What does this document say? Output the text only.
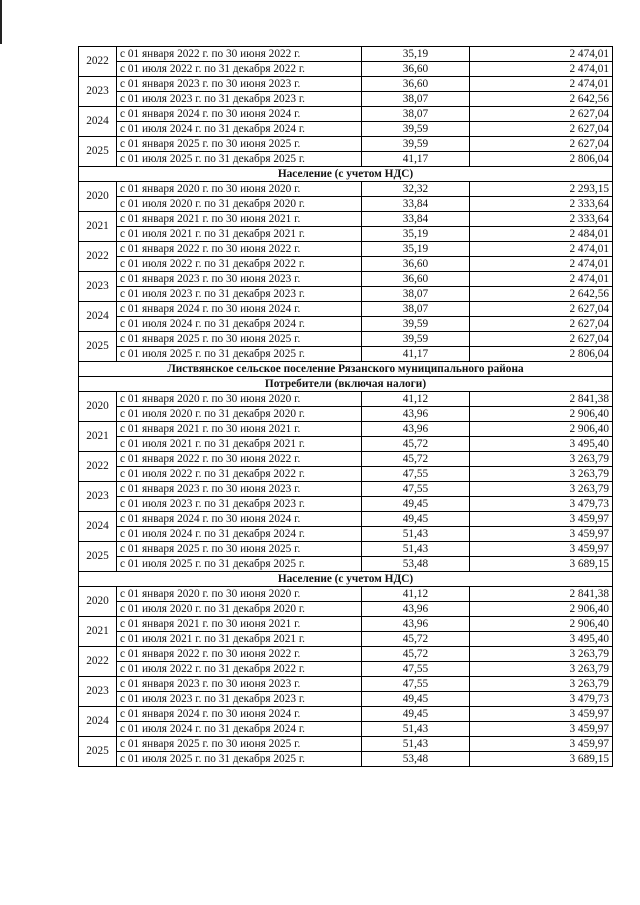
2022	с 01 января 2022 г. по 30 июня 2022 г.	35,19	2 474,01
	с 01 июля 2022 г. по 31 декабря 2022 г.	36,60	2 474,01
2023	с 01 января 2023 г. по 30 июня 2023 г.	36,60	2 474,01
	с 01 июля 2023 г. по 31 декабря 2023 г.	38,07	2 642,56
2024	с 01 января 2024 г. по 30 июня 2024 г.	38,07	2 627,04
	с 01 июля 2024 г. по 31 декабря 2024 г.	39,59	2 627,04
2025	с 01 января 2025 г. по 30 июня 2025 г.	39,59	2 627,04
	с 01 июля 2025 г. по 31 декабря 2025 г.	41,17	2 806,04
Население (с учетом НДС)			
2020	с 01 января 2020 г. по 30 июня 2020 г.	32,32	2 293,15
	с 01 июля 2020 г. по 31 декабря 2020 г.	33,84	2 333,64
2021	с 01 января 2021 г. по 30 июня 2021 г.	33,84	2 333,64
	с 01 июля 2021 г. по 31 декабря 2021 г.	35,19	2 484,01
2022	с 01 января 2022 г. по 30 июня 2022 г.	35,19	2 474,01
	с 01 июля 2022 г. по 31 декабря 2022 г.	36,60	2 474,01
2023	с 01 января 2023 г. по 30 июня 2023 г.	36,60	2 474,01
	с 01 июля 2023 г. по 31 декабря 2023 г.	38,07	2 642,56
2024	с 01 января 2024 г. по 30 июня 2024 г.	38,07	2 627,04
	с 01 июля 2024 г. по 31 декабря 2024 г.	39,59	2 627,04
2025	с 01 января 2025 г. по 30 июня 2025 г.	39,59	2 627,04
	с 01 июля 2025 г. по 31 декабря 2025 г.	41,17	2 806,04
Листвянское сельское поселение Рязанского муниципального района			
Потребители (включая налоги)			
2020	с 01 января 2020 г. по 30 июня 2020 г.	41,12	2 841,38
	с 01 июля 2020 г. по 31 декабря 2020 г.	43,96	2 906,40
2021	с 01 января 2021 г. по 30 июня 2021 г.	43,96	2 906,40
	с 01 июля 2021 г. по 31 декабря 2021 г.	45,72	3 495,40
2022	с 01 января 2022 г. по 30 июня 2022 г.	45,72	3 263,79
	с 01 июля 2022 г. по 31 декабря 2022 г.	47,55	3 263,79
2023	с 01 января 2023 г. по 30 июня 2023 г.	47,55	3 263,79
	с 01 июля 2023 г. по 31 декабря 2023 г.	49,45	3 479,73
2024	с 01 января 2024 г. по 30 июня 2024 г.	49,45	3 459,97
	с 01 июля 2024 г. по 31 декабря 2024 г.	51,43	3 459,97
2025	с 01 января 2025 г. по 30 июня 2025 г.	51,43	3 459,97
	с 01 июля 2025 г. по 31 декабря 2025 г.	53,48	3 689,15
Население (с учетом НДС)			
2020	с 01 января 2020 г. по 30 июня 2020 г.	41,12	2 841,38
	с 01 июля 2020 г. по 31 декабря 2020 г.	43,96	2 906,40
2021	с 01 января 2021 г. по 30 июня 2021 г.	43,96	2 906,40
	с 01 июля 2021 г. по 31 декабря 2021 г.	45,72	3 495,40
2022	с 01 января 2022 г. по 30 июня 2022 г.	45,72	3 263,79
	с 01 июля 2022 г. по 31 декабря 2022 г.	47,55	3 263,79
2023	с 01 января 2023 г. по 30 июня 2023 г.	47,55	3 263,79
	с 01 июля 2023 г. по 31 декабря 2023 г.	49,45	3 479,73
2024	с 01 января 2024 г. по 30 июня 2024 г.	49,45	3 459,97
	с 01 июля 2024 г. по 31 декабря 2024 г.	51,43	3 459,97
2025	с 01 января 2025 г. по 30 июня 2025 г.	51,43	3 459,97
	с 01 июля 2025 г. по 31 декабря 2025 г.	53,48	3 689,15
